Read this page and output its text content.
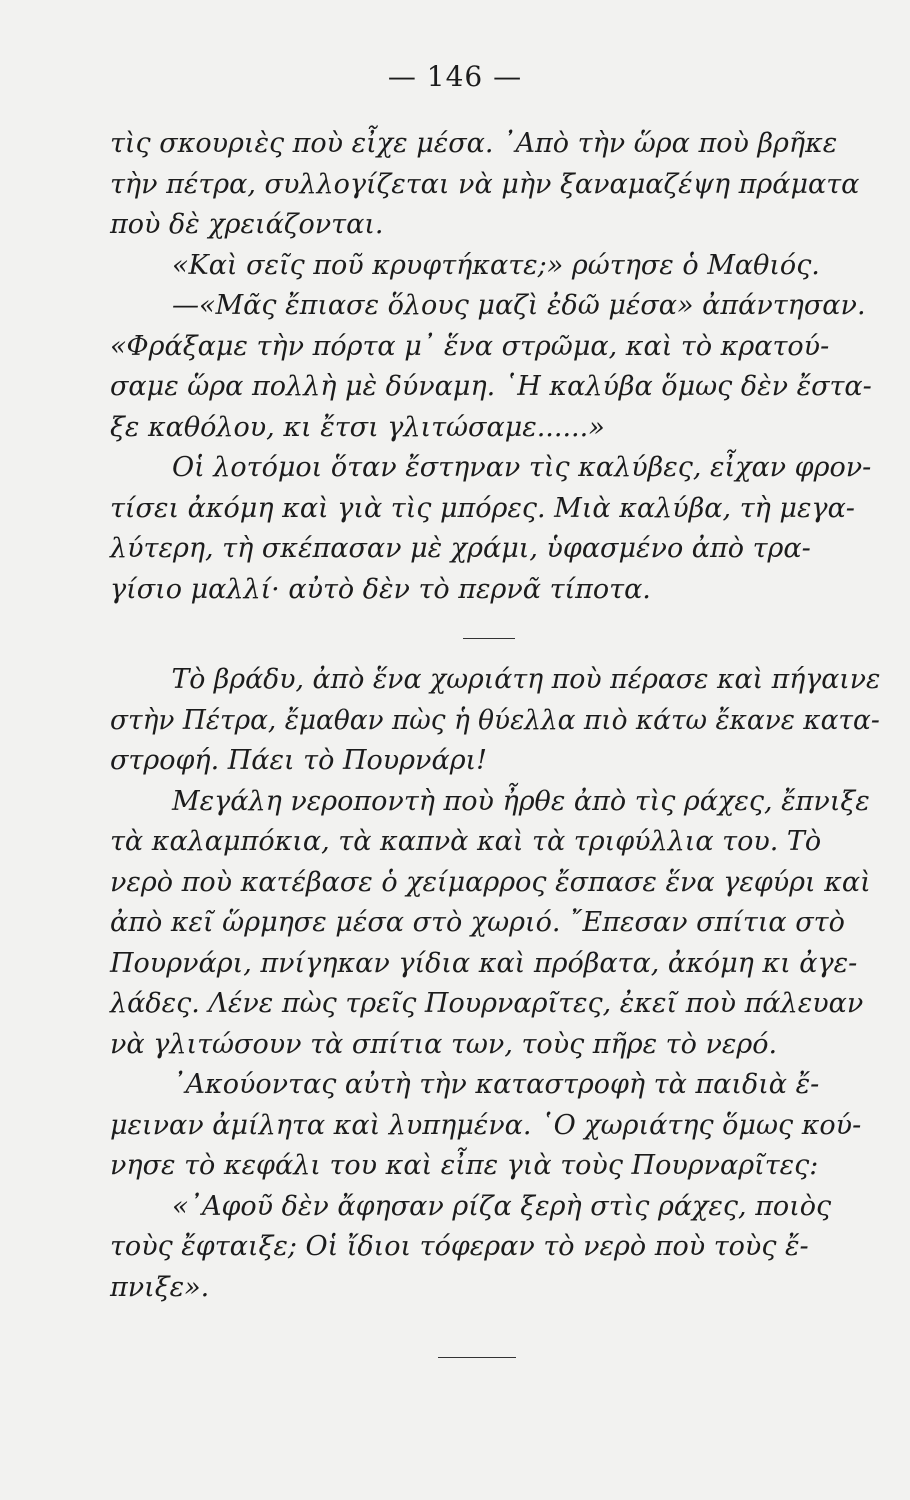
— 146 —
τὶς σκουριὲς ποὺ εἶχε μέσα. ᾿Απὸ τὴν ὥρα ποὺ βρῆκε
τὴν πέτρα, συλλογίζεται νὰ μὴν ξαναμαζέψη πράματα
ποὺ δὲ χρειάζονται.
«Καὶ σεῖς ποῦ κρυφτήκατε;» ρώτησε ὁ Μαθιός.
—«Μᾶς ἔπιασε ὅλους μαζὶ ἐδῶ μέσα» ἀπάντησαν.
«Φράξαμε τὴν πόρτα μ᾿ ἕνα στρῶμα, καὶ τὸ κρατού-
σαμε ὥρα πολλὴ μὲ δύναμη. ῾Η καλύβα ὅμως δὲν ἔστα-
ξε καθόλου, κι ἔτσι γλιτώσαμε......»
Οἱ λοτόμοι ὅταν ἔστηναν τὶς καλύβες, εἶχαν φρον-
τίσει ἀκόμη καὶ γιὰ τὶς μπόρες. Μιὰ καλύβα, τὴ μεγα-
λύτερη, τὴ σκέπασαν μὲ χράμι, ὑφασμένο ἀπὸ τρα-
γίσιο μαλλί· αὐτὸ δὲν τὸ περνᾶ τίποτα.
Τὸ βράδυ, ἀπὸ ἕνα χωριάτη ποὺ πέρασε καὶ πήγαινε
στὴν Πέτρα, ἔμαθαν πὼς ἡ θύελλα πιὸ κάτω ἔκανε κατα-
στροφή. Πάει τὸ Πουρνάρι!
Μεγάλη νεροποντὴ ποὺ ἦρθε ἀπὸ τὶς ράχες, ἔπνιξε
τὰ καλαμπόκια, τὰ καπνὰ καὶ τὰ τριφύλλια του. Τὸ
νερὸ ποὺ κατέβασε ὁ χείμαρρος ἔσπασε ἕνα γεφύρι καὶ
ἀπὸ κεῖ ὥρμησε μέσα στὸ χωριό. ῎Επεσαν σπίτια στὸ
Πουρνάρι, πνίγηκαν γίδια καὶ πρόβατα, ἀκόμη κι ἀγε-
λάδες. Λένε πὼς τρεῖς Πουρναρῖτες, ἐκεῖ ποὺ πάλευαν
νὰ γλιτώσουν τὰ σπίτια των, τοὺς πῆρε τὸ νερό.
᾿Ακούοντας αὐτὴ τὴν καταστροφὴ τὰ παιδιὰ ἔ-
μειναν ἀμίλητα καὶ λυπημένα. ῾Ο χωριάτης ὅμως κού-
νησε τὸ κεφάλι του καὶ εἶπε γιὰ τοὺς Πουρναρῖτες:
«᾿Αφοῦ δὲν ἄφησαν ρίζα ξερὴ στὶς ράχες, ποιὸς
τοὺς ἔφταιξε; Οἱ ἴδιοι τόφεραν τὸ νερὸ ποὺ τοὺς ἔ-
πνιξε».
